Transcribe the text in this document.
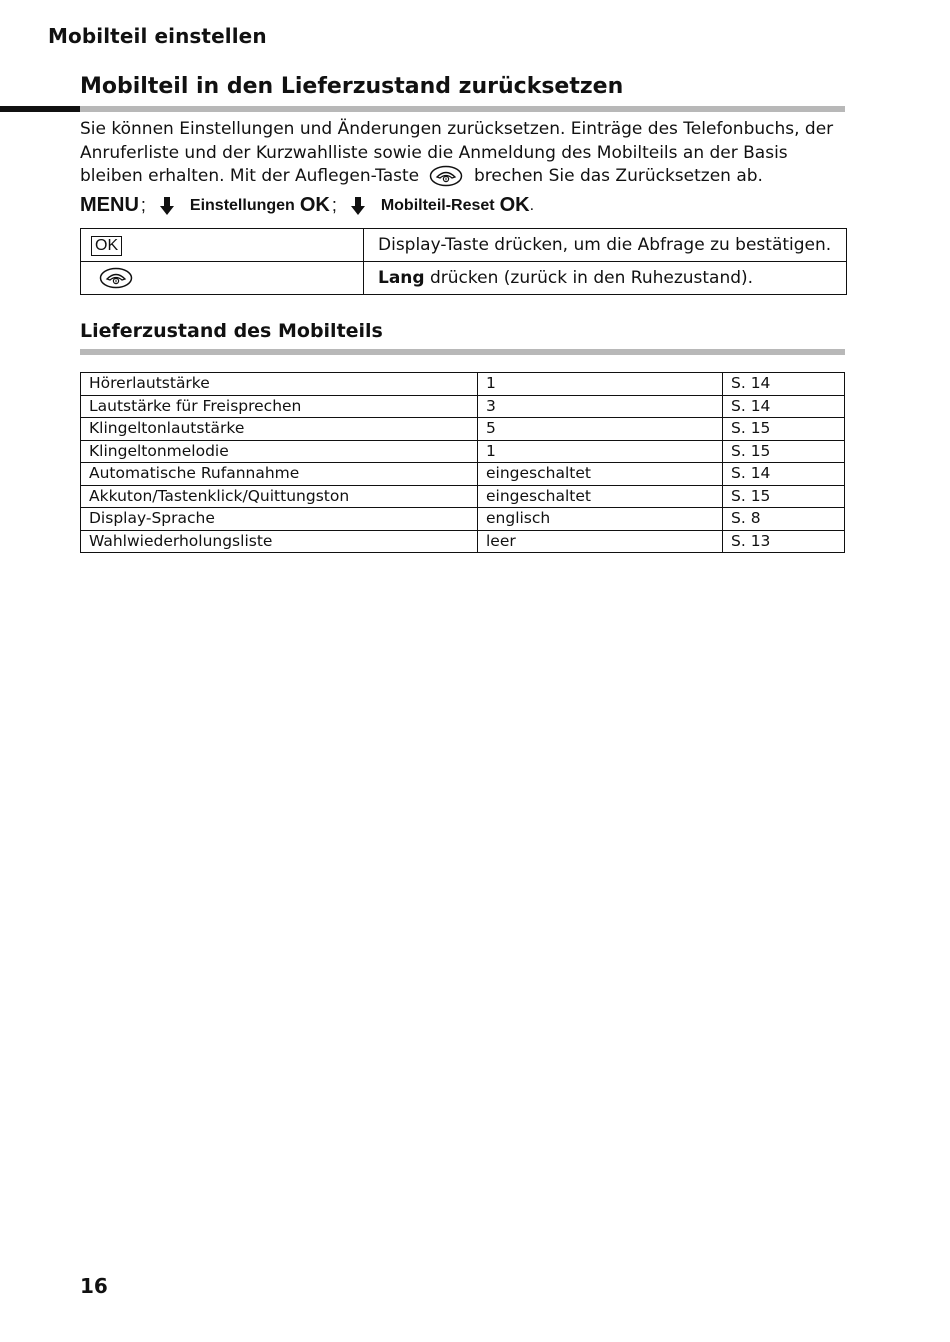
Mobilteil einstellen
Mobilteil in den Lieferzustand zurücksetzen
Sie können Einstellungen und Änderungen zurücksetzen. Einträge des Telefonbuchs, der Anruferliste und der Kurzwahlliste sowie die Anmeldung des Mobilteils an der Basis bleiben erhalten. Mit der Auflegen-Taste	brechen Sie das Zurücksetzen ab.
MENU ;	Einstellungen OK ;	Mobilteil-Reset OK .
OK	Display-Taste drücken, um die Abfrage zu bestätigen.

	Lang drücken (zurück in den Ruhezustand).
Lieferzustand des Mobilteils
Hörerlautstärke	1	S. 14
Lautstärke für Freisprechen	3	S. 14
Klingeltonlautstärke	5	S. 15
Klingeltonmelodie	1	S. 15
Automatische Rufannahme	eingeschaltet	S. 14
Akkuton/Tastenklick/Quittungston	eingeschaltet	S. 15
Display-Sprache	englisch	S. 8
Wahlwiederholungsliste	leer	S. 13
16
